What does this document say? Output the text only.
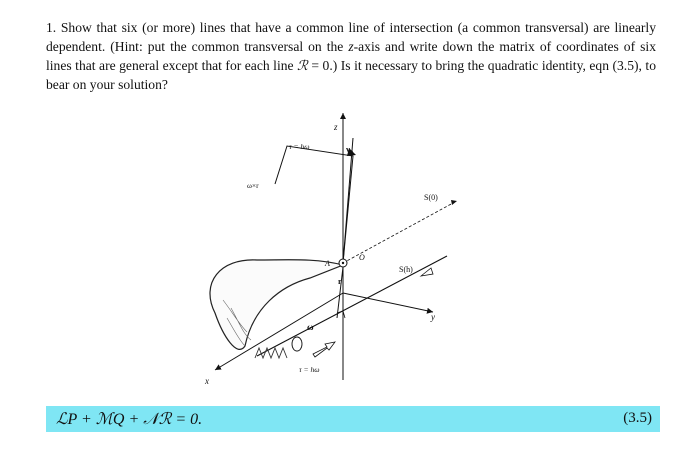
1. Show that six (or more) lines that have a common line of intersection (a common transversal) are linearly dependent. (Hint: put the common transversal on the z-axis and write down the matrix of coordinates of six lines that are general except that for each line ℛ = 0.) Is it necessary to bring the quadratic identity, eqn (3.5), to bear on your solution?

z
x
y
S(0)
S(h)
ω×r
τ = hω	$v_A$
A
O
r
ω
τ = hω
ℒP + ℳQ + 𝒩ℛ = 0.	(3.5)
